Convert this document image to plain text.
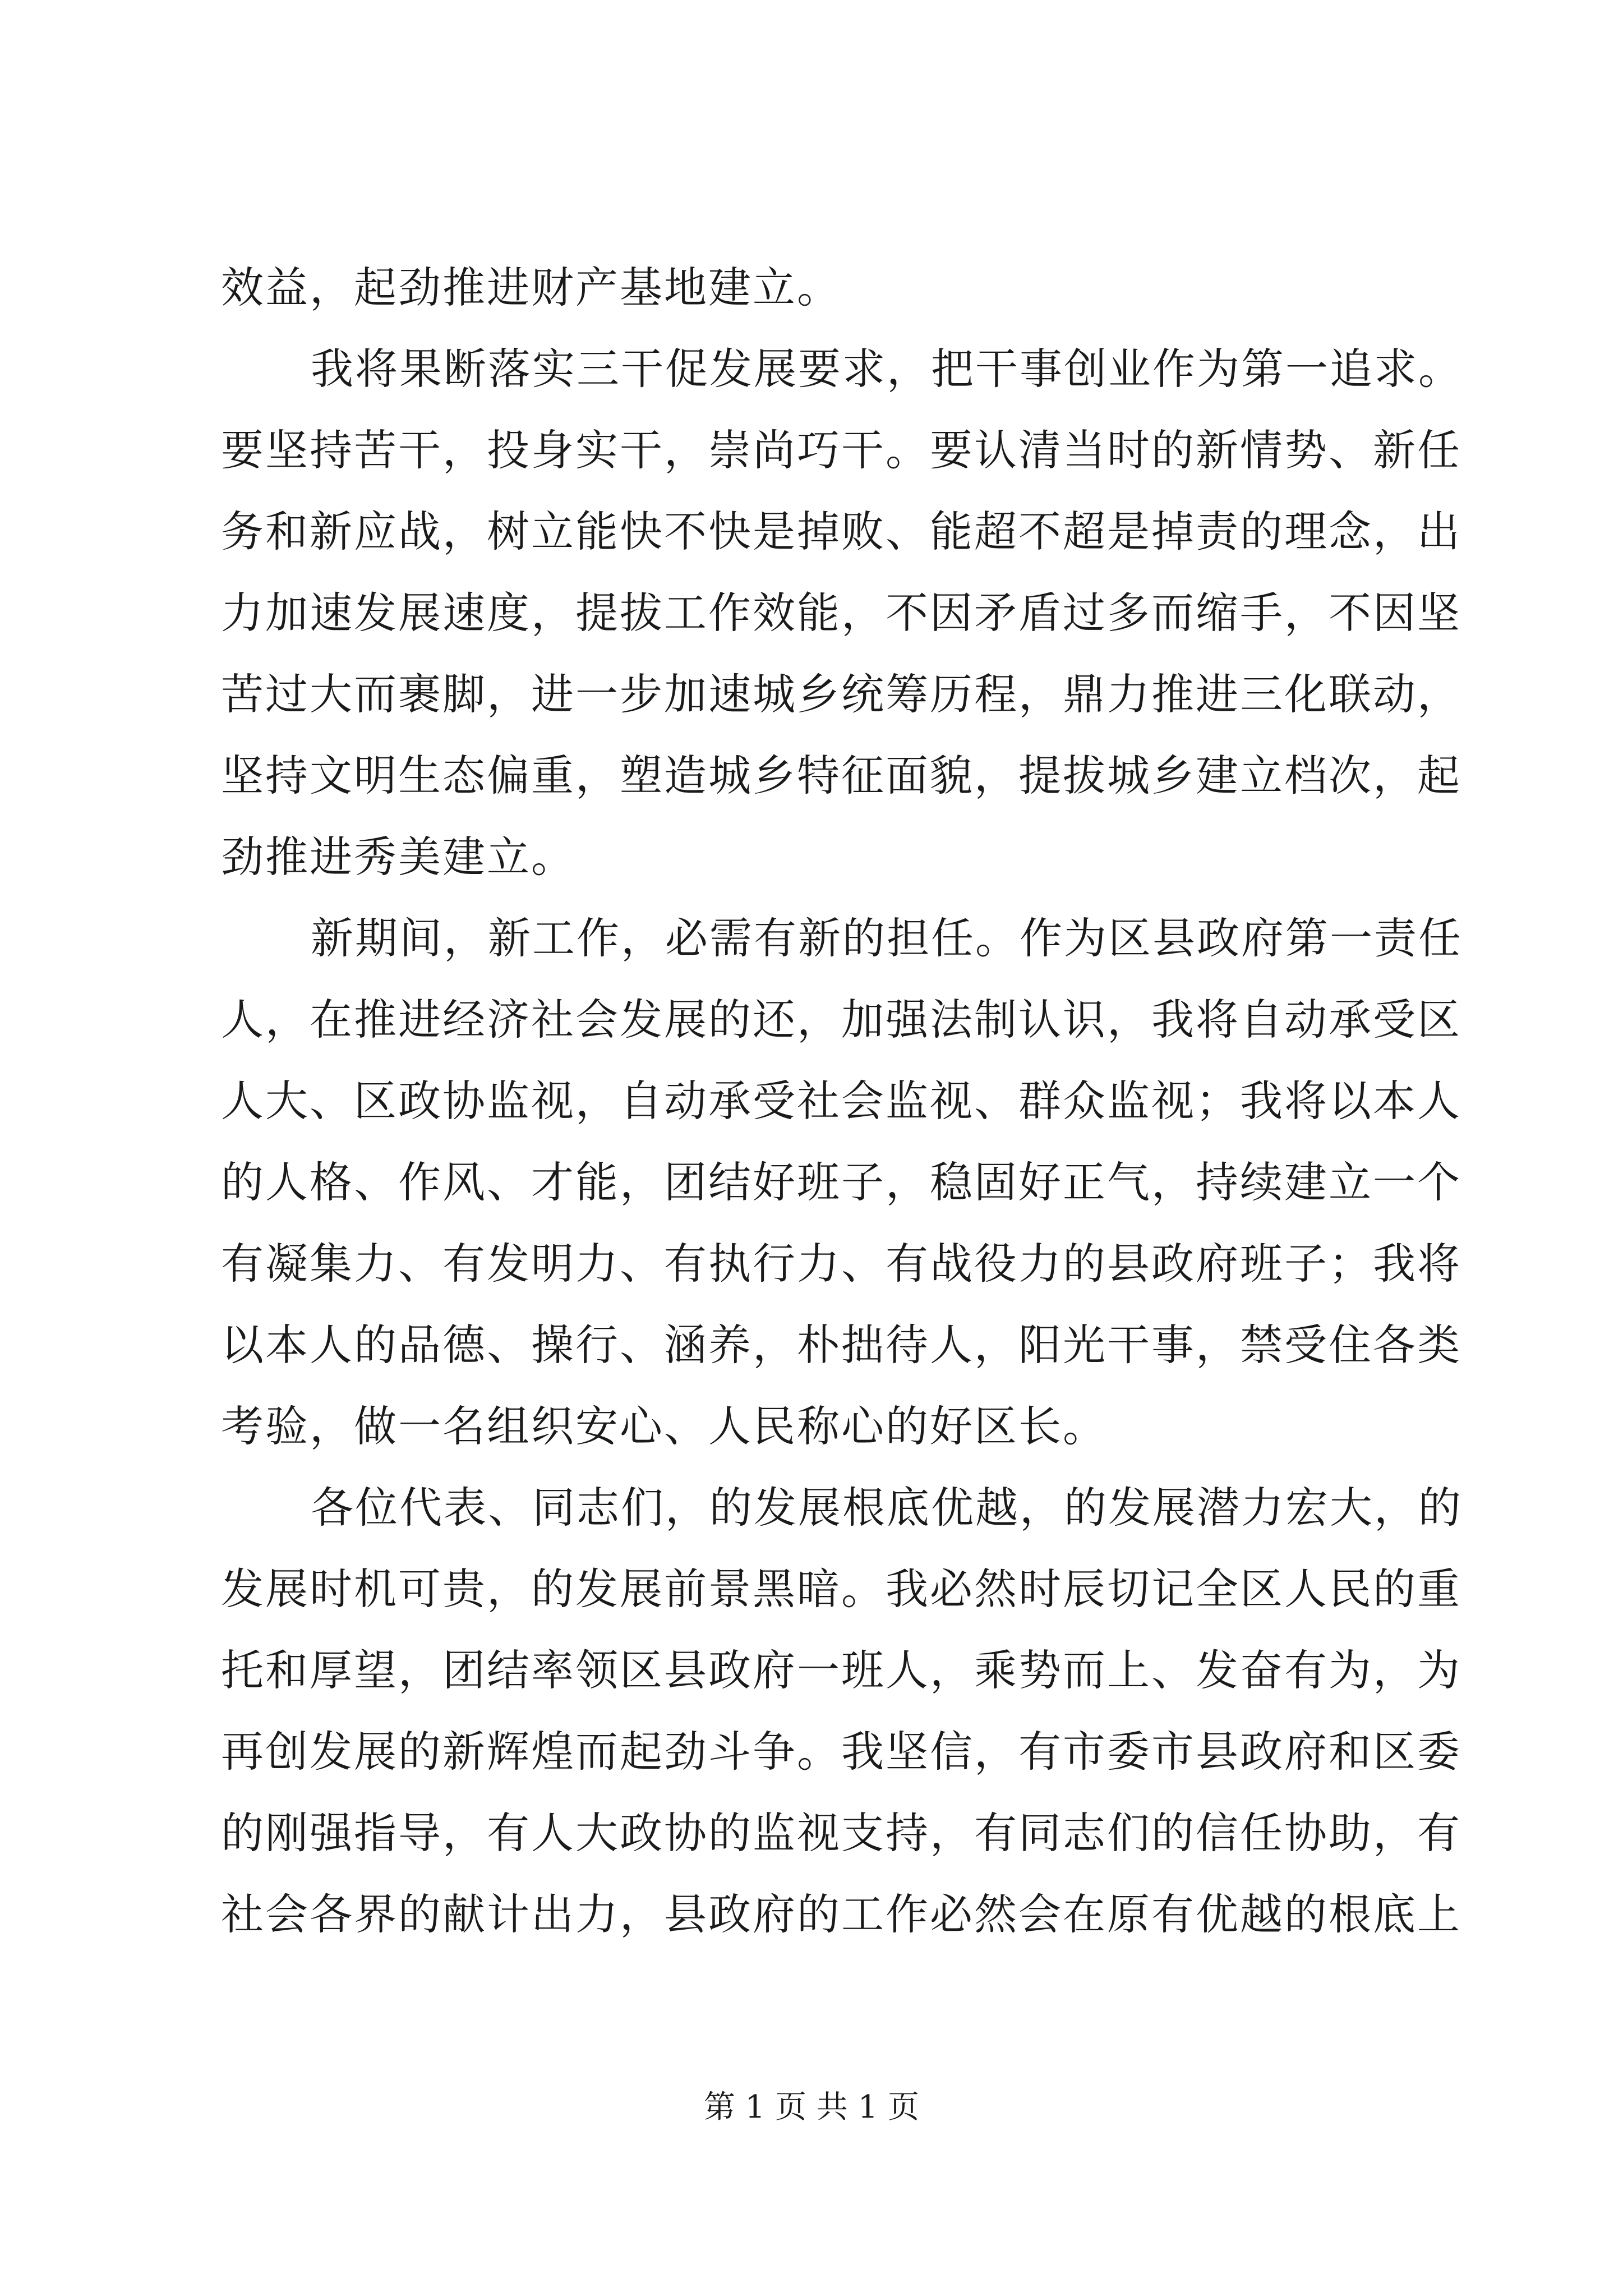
效益，起劲推进财产基地建立。
我将果断落实三干促发展要求，把干事创业作为第一追求。
要坚持苦干，投身实干，崇尚巧干。要认清当时的新情势、新任
务和新应战，树立能快不快是掉败、能超不超是掉责的理念，出
力加速发展速度，提拔工作效能，不因矛盾过多而缩手，不因坚
苦过大而裹脚，进一步加速城乡统筹历程，鼎力推进三化联动，
坚持文明生态偏重，塑造城乡特征面貌，提拔城乡建立档次，起
劲推进秀美建立。
新期间，新工作，必需有新的担任。作为区县政府第一责任
人，在推进经济社会发展的还，加强法制认识，我将自动承受区
人大、区政协监视，自动承受社会监视、群众监视；我将以本人
的人格、作风、才能，团结好班子，稳固好正气，持续建立一个
有凝集力、有发明力、有执行力、有战役力的县政府班子；我将
以本人的品德、操行、涵养，朴拙待人，阳光干事，禁受住各类
考验，做一名组织安心、人民称心的好区长。
各位代表、同志们，的发展根底优越，的发展潜力宏大，的
发展时机可贵，的发展前景黑暗。我必然时辰切记全区人民的重
托和厚望，团结率领区县政府一班人，乘势而上、发奋有为，为
再创发展的新辉煌而起劲斗争。我坚信，有市委市县政府和区委
的刚强指导，有人大政协的监视支持，有同志们的信任协助，有
社会各界的献计出力，县政府的工作必然会在原有优越的根底上
第 1 页 共 1 页
